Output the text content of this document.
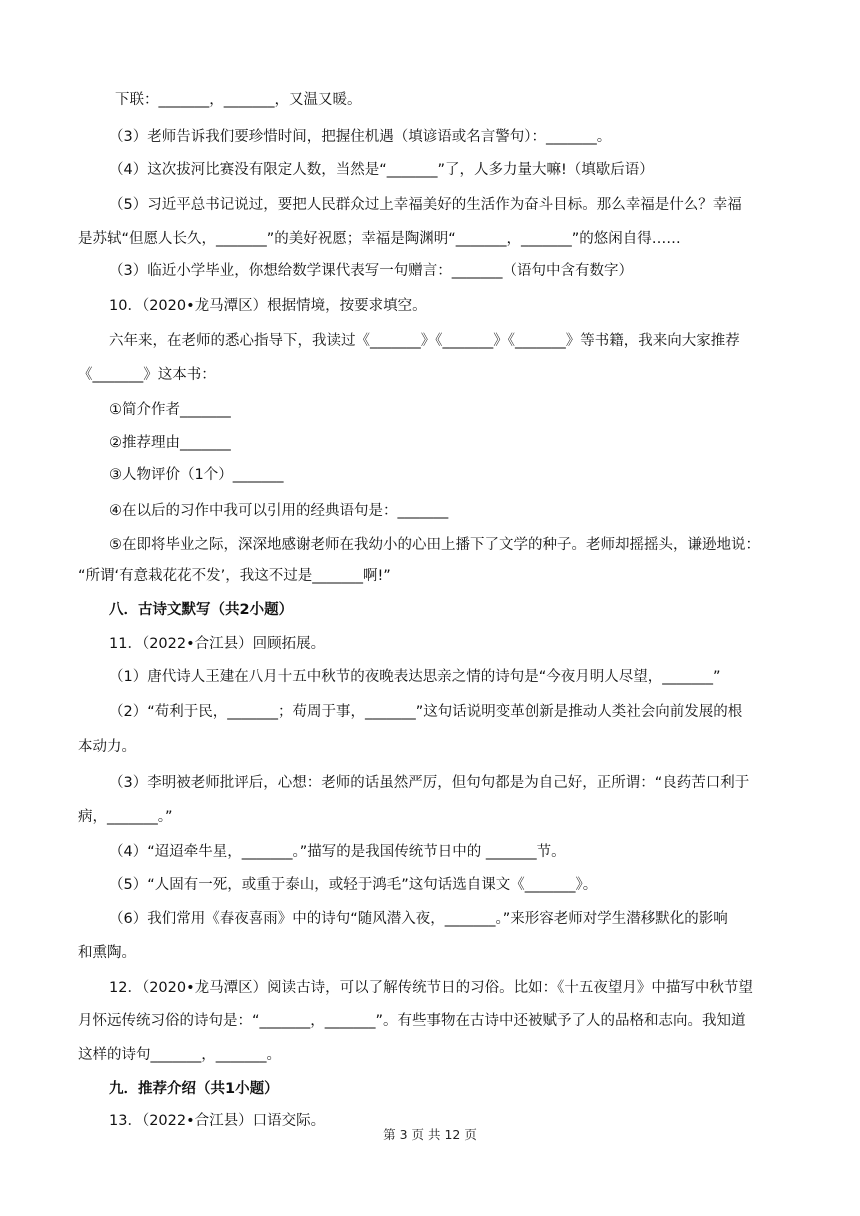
下联：_______，_______，又温又暖。
（3）老师告诉我们要珍惜时间，把握住机遇（填谚语或名言警句）：_______。
（4）这次拔河比赛没有限定人数，当然是“_______”了，人多力量大嘛!（填歇后语）
（5）习近平总书记说过，要把人民群众过上幸福美好的生活作为奋斗目标。那么幸福是什么？幸福
是苏轼“但愿人长久，_______”的美好祝愿；幸福是陶渊明“_______，_______”的悠闲自得……
（3）临近小学毕业，你想给数学课代表写一句赠言：_______（语句中含有数字）
10．（2020•龙马潭区）根据情境，按要求填空。
六年来，在老师的悉心指导下，我读过《_______》《_______》《_______》等书籍，我来向大家推荐
《_______》这本书：
①简介作者_______
②推荐理由_______
③人物评价（1个）_______
④在以后的习作中我可以引用的经典语句是：_______
⑤在即将毕业之际，深深地感谢老师在我幼小的心田上播下了文学的种子。老师却摇摇头，谦逊地说：
“所谓‘有意栽花花不发’，我这不过是_______啊!”
八．古诗文默写（共2小题）
11．（2022•合江县）回顾拓展。
（1）唐代诗人王建在八月十五中秋节的夜晚表达思亲之情的诗句是“今夜月明人尽望，_______”
（2）“苟利于民，_______；苟周于事，_______”这句话说明变革创新是推动人类社会向前发展的根
本动力。
（3）李明被老师批评后，心想：老师的话虽然严厉，但句句都是为自己好，正所谓：“良药苦口利于
病，_______。”
（4）“迢迢牵牛星，_______。”描写的是我国传统节日中的 _______节。
（5）“人固有一死，或重于泰山，或轻于鸿毛”这句话选自课文《_______》。
（6）我们常用《春夜喜雨》中的诗句“随风潜入夜，_______。”来形容老师对学生潜移默化的影响
和熏陶。
12．（2020•龙马潭区）阅读古诗，可以了解传统节日的习俗。比如：《十五夜望月》中描写中秋节望
月怀远传统习俗的诗句是：“_______，_______”。有些事物在古诗中还被赋予了人的品格和志向。我知道
这样的诗句_______，_______。
九．推荐介绍（共1小题）
13．（2022•合江县）口语交际。
第 3 页 共 12 页
